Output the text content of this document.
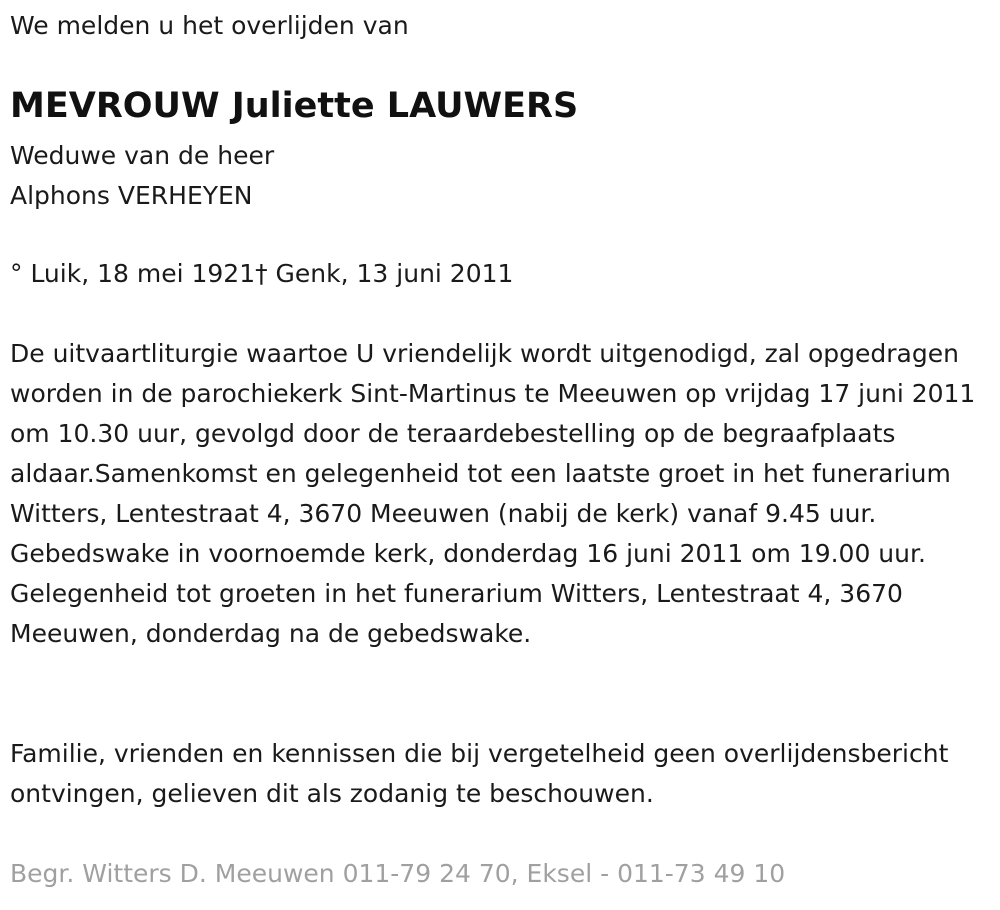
We melden u het overlijden van
MEVROUW Juliette LAUWERS
Weduwe van de heer
Alphons VERHEYEN
° Luik, 18 mei 1921† Genk, 13 juni 2011

De uitvaartliturgie waartoe U vriendelijk wordt uitgenodigd, zal opgedragen worden in de parochiekerk Sint-Martinus te Meeuwen op vrijdag 17 juni 2011 om 10.30 uur, gevolgd door de teraardebestelling op de begraafplaats aldaar.Samenkomst en gelegenheid tot een laatste groet in het funerarium Witters, Lentestraat 4, 3670 Meeuwen (nabij de kerk) vanaf 9.45 uur.

Gebedswake in voornoemde kerk, donderdag 16 juni 2011 om 19.00 uur.

Gelegenheid tot groeten in het funerarium Witters, Lentestraat 4, 3670 Meeuwen, donderdag na de gebedswake.

Familie, vrienden en kennissen die bij vergetelheid geen overlijdensbericht ontvingen, gelieven dit als zodanig te beschouwen.
Begr. Witters D. Meeuwen 011-79 24 70, Eksel - 011-73 49 10
